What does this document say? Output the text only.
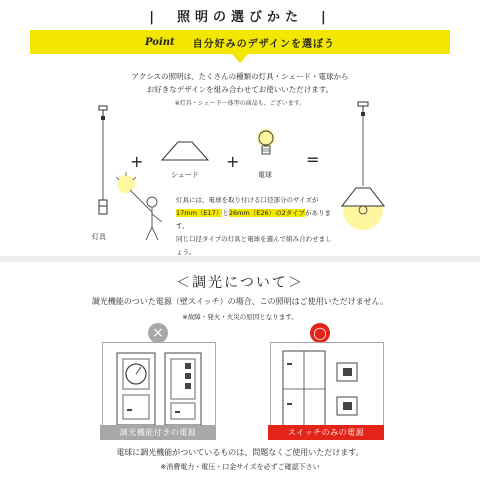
|　照明の選びかた　|
Point 自分好みのデザインを選ぼう
アクシスの照明は、たくさんの種類の灯具・シェード・電球から
お好きなデザインを組み合わせてお使いいただけます。
※灯具・シェード一体型の商品も、ございます。
灯具
+
シェード
+
電球
=
灯具には、電球を取り付ける口径部分のサイズが
17mm（E17）と26mm（E26）の2タイプがあります。
同じ口径タイプの灯具と電球を選んで組み合わせましょう。
＜調光について＞
調光機能のついた電源（壁スイッチ）の場合、この照明はご使用いただけません。
※故障・発火・火災の原因となります。
×	◯
調光機能付きの電源	スイッチのみの電源
電球に調光機能がついているものは、問題なくご使用いただけます。
※消費電力・電圧・口金サイズを必ずご確認下さい
